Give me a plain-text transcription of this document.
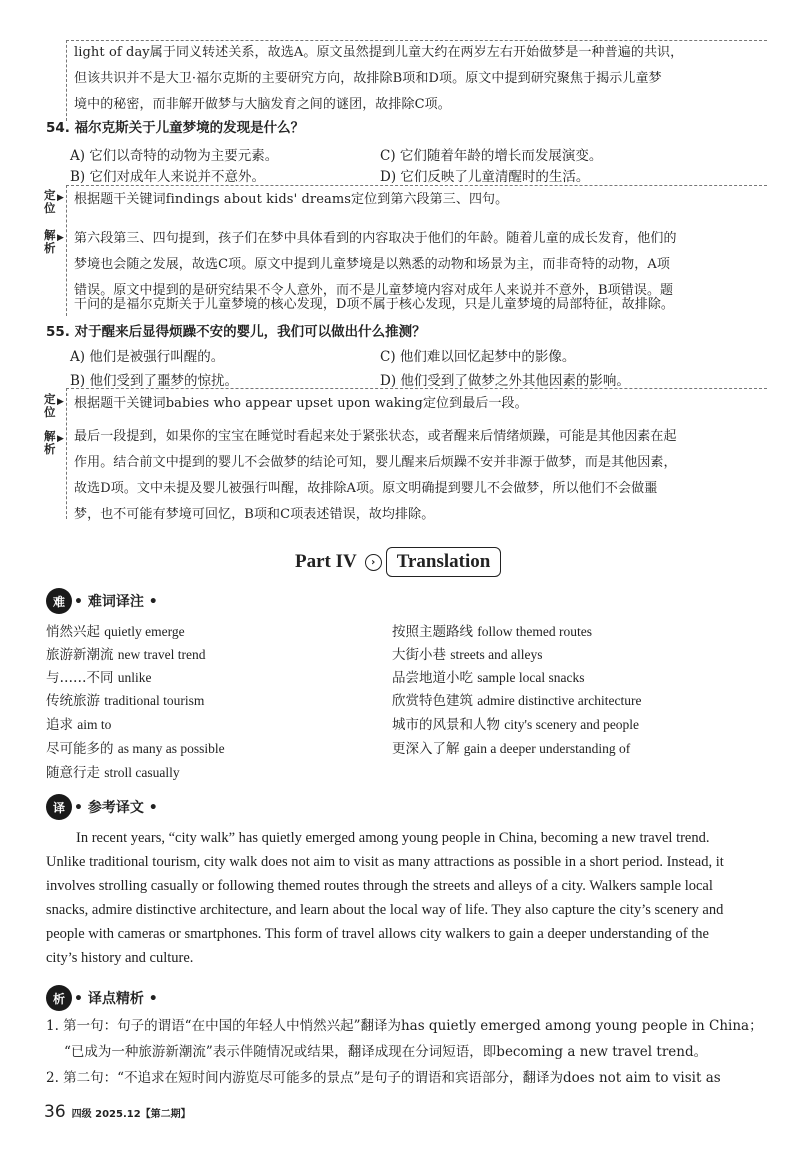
light of day属于同义转述关系，故选A。原文虽然提到儿童大约在两岁左右开始做梦是一种普遍的共识，
但该共识并不是大卫·福尔克斯的主要研究方向，故排除B项和D项。原文中提到研究聚焦于揭示儿童梦
境中的秘密，而非解开做梦与大脑发育之间的谜团，故排除C项。
54. 福尔克斯关于儿童梦境的发现是什么？
A) 它们以奇特的动物为主要元素。	C) 它们随着年龄的增长而发展演变。
B) 它们对成年人来说并不意外。	D) 它们反映了儿童清醒时的生活。
定位
▶ 根据题干关键词findings about kids' dreams定位到第六段第三、四句。
解析
▶ 第六段第三、四句提到，孩子们在梦中具体看到的内容取决于他们的年龄。随着儿童的成长发育，他们的
梦境也会随之发展，故选C项。原文中提到儿童梦境是以熟悉的动物和场景为主，而非奇特的动物，A项
错误。原文中提到的是研究结果不令人意外，而不是儿童梦境内容对成年人来说并不意外，B项错误。题
干问的是福尔克斯关于儿童梦境的核心发现，D项不属于核心发现，只是儿童梦境的局部特征，故排除。
55. 对于醒来后显得烦躁不安的婴儿，我们可以做出什么推测？
A) 他们是被强行叫醒的。	C) 他们难以回忆起梦中的影像。
B) 他们受到了噩梦的惊扰。	D) 他们受到了做梦之外其他因素的影响。
定位
▶ 根据题干关键词babies who appear upset upon waking定位到最后一段。
解析
▶ 最后一段提到，如果你的宝宝在睡觉时看起来处于紧张状态，或者醒来后情绪烦躁，可能是其他因素在起
作用。结合前文中提到的婴儿不会做梦的结论可知，婴儿醒来后烦躁不安并非源于做梦，而是其他因素，
故选D项。文中未提及婴儿被强行叫醒，故排除A项。原文明确提到婴儿不会做梦，所以他们不会做噩
梦，也不可能有梦境可回忆，B项和C项表述错误，故均排除。
Part IV	›	Translation
难 • 难词译注 •
悄然兴起 quietly emerge
旅游新潮流 new travel trend
与……不同 unlike
传统旅游 traditional tourism
追求 aim to
尽可能多的 as many as possible
随意行走 stroll casually
按照主题路线 follow themed routes
大街小巷 streets and alleys
品尝地道小吃 sample local snacks
欣赏特色建筑 admire distinctive architecture
城市的风景和人物 city's scenery and people
更深入了解 gain a deeper understanding of
译 • 参考译文 •
In recent years, “city walk” has quietly emerged among young people in China, becoming a new travel trend.
Unlike traditional tourism, city walk does not aim to visit as many attractions as possible in a short period. Instead, it
involves strolling casually or following themed routes through the streets and alleys of a city. Walkers sample local
snacks, admire distinctive architecture, and learn about the local way of life. They also capture the city’s scenery and
people with cameras or smartphones. This form of travel allows city walkers to gain a deeper understanding of the
city’s history and culture.
析 • 译点精析 •
1. 第一句：句子的谓语“在中国的年轻人中悄然兴起”翻译为has quietly emerged among young people in China；
“已成为一种旅游新潮流”表示伴随情况或结果，翻译成现在分词短语，即becoming a new travel trend。
2. 第二句：“不追求在短时间内游览尽可能多的景点”是句子的谓语和宾语部分，翻译为does not aim to visit as
36 四级 2025.12【第二期】
